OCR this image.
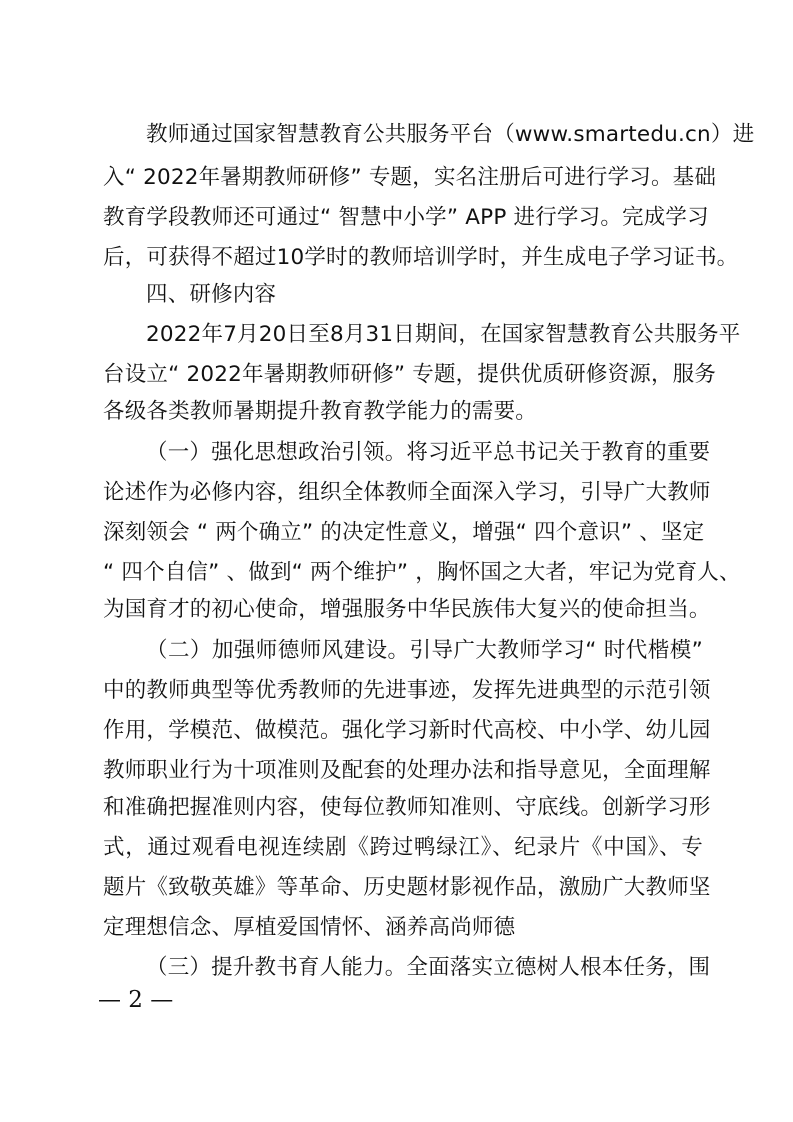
教师通过国家智慧教育公共服务平台（www.smartedu.cn）进
入“ 2022年暑期教师研修” 专题，实名注册后可进行学习。基础
教育学段教师还可通过“ 智慧中小学” APP 进行学习。完成学习
后，可获得不超过10学时的教师培训学时，并生成电子学习证书。
四、研修内容
2022年7月20日至8月31日期间，在国家智慧教育公共服务平
台设立“ 2022年暑期教师研修” 专题，提供优质研修资源，服务
各级各类教师暑期提升教育教学能力的需要。
（一）强化思想政治引领。将习近平总书记关于教育的重要
论述作为必修内容，组织全体教师全面深入学习，引导广大教师
深刻领会 “ 两个确立” 的决定性意义，增强“ 四个意识” 、坚定
“ 四个自信” 、做到“ 两个维护” ，胸怀国之大者，牢记为党育人、
为国育才的初心使命，增强服务中华民族伟大复兴的使命担当。
（二）加强师德师风建设。引导广大教师学习“ 时代楷模”
中的教师典型等优秀教师的先进事迹，发挥先进典型的示范引领
作用，学模范、做模范。强化学习新时代高校、中小学、幼儿园
教师职业行为十项准则及配套的处理办法和指导意见，全面理解
和准确把握准则内容，使每位教师知准则、守底线。创新学习形
式，通过观看电视连续剧《跨过鸭绿江》、纪录片《中国》、专
题片《致敬英雄》等革命、历史题材影视作品，激励广大教师坚
定理想信念、厚植爱国情怀、涵养高尚师德
（三）提升教书育人能力。全面落实立德树人根本任务，围
— 2 —
